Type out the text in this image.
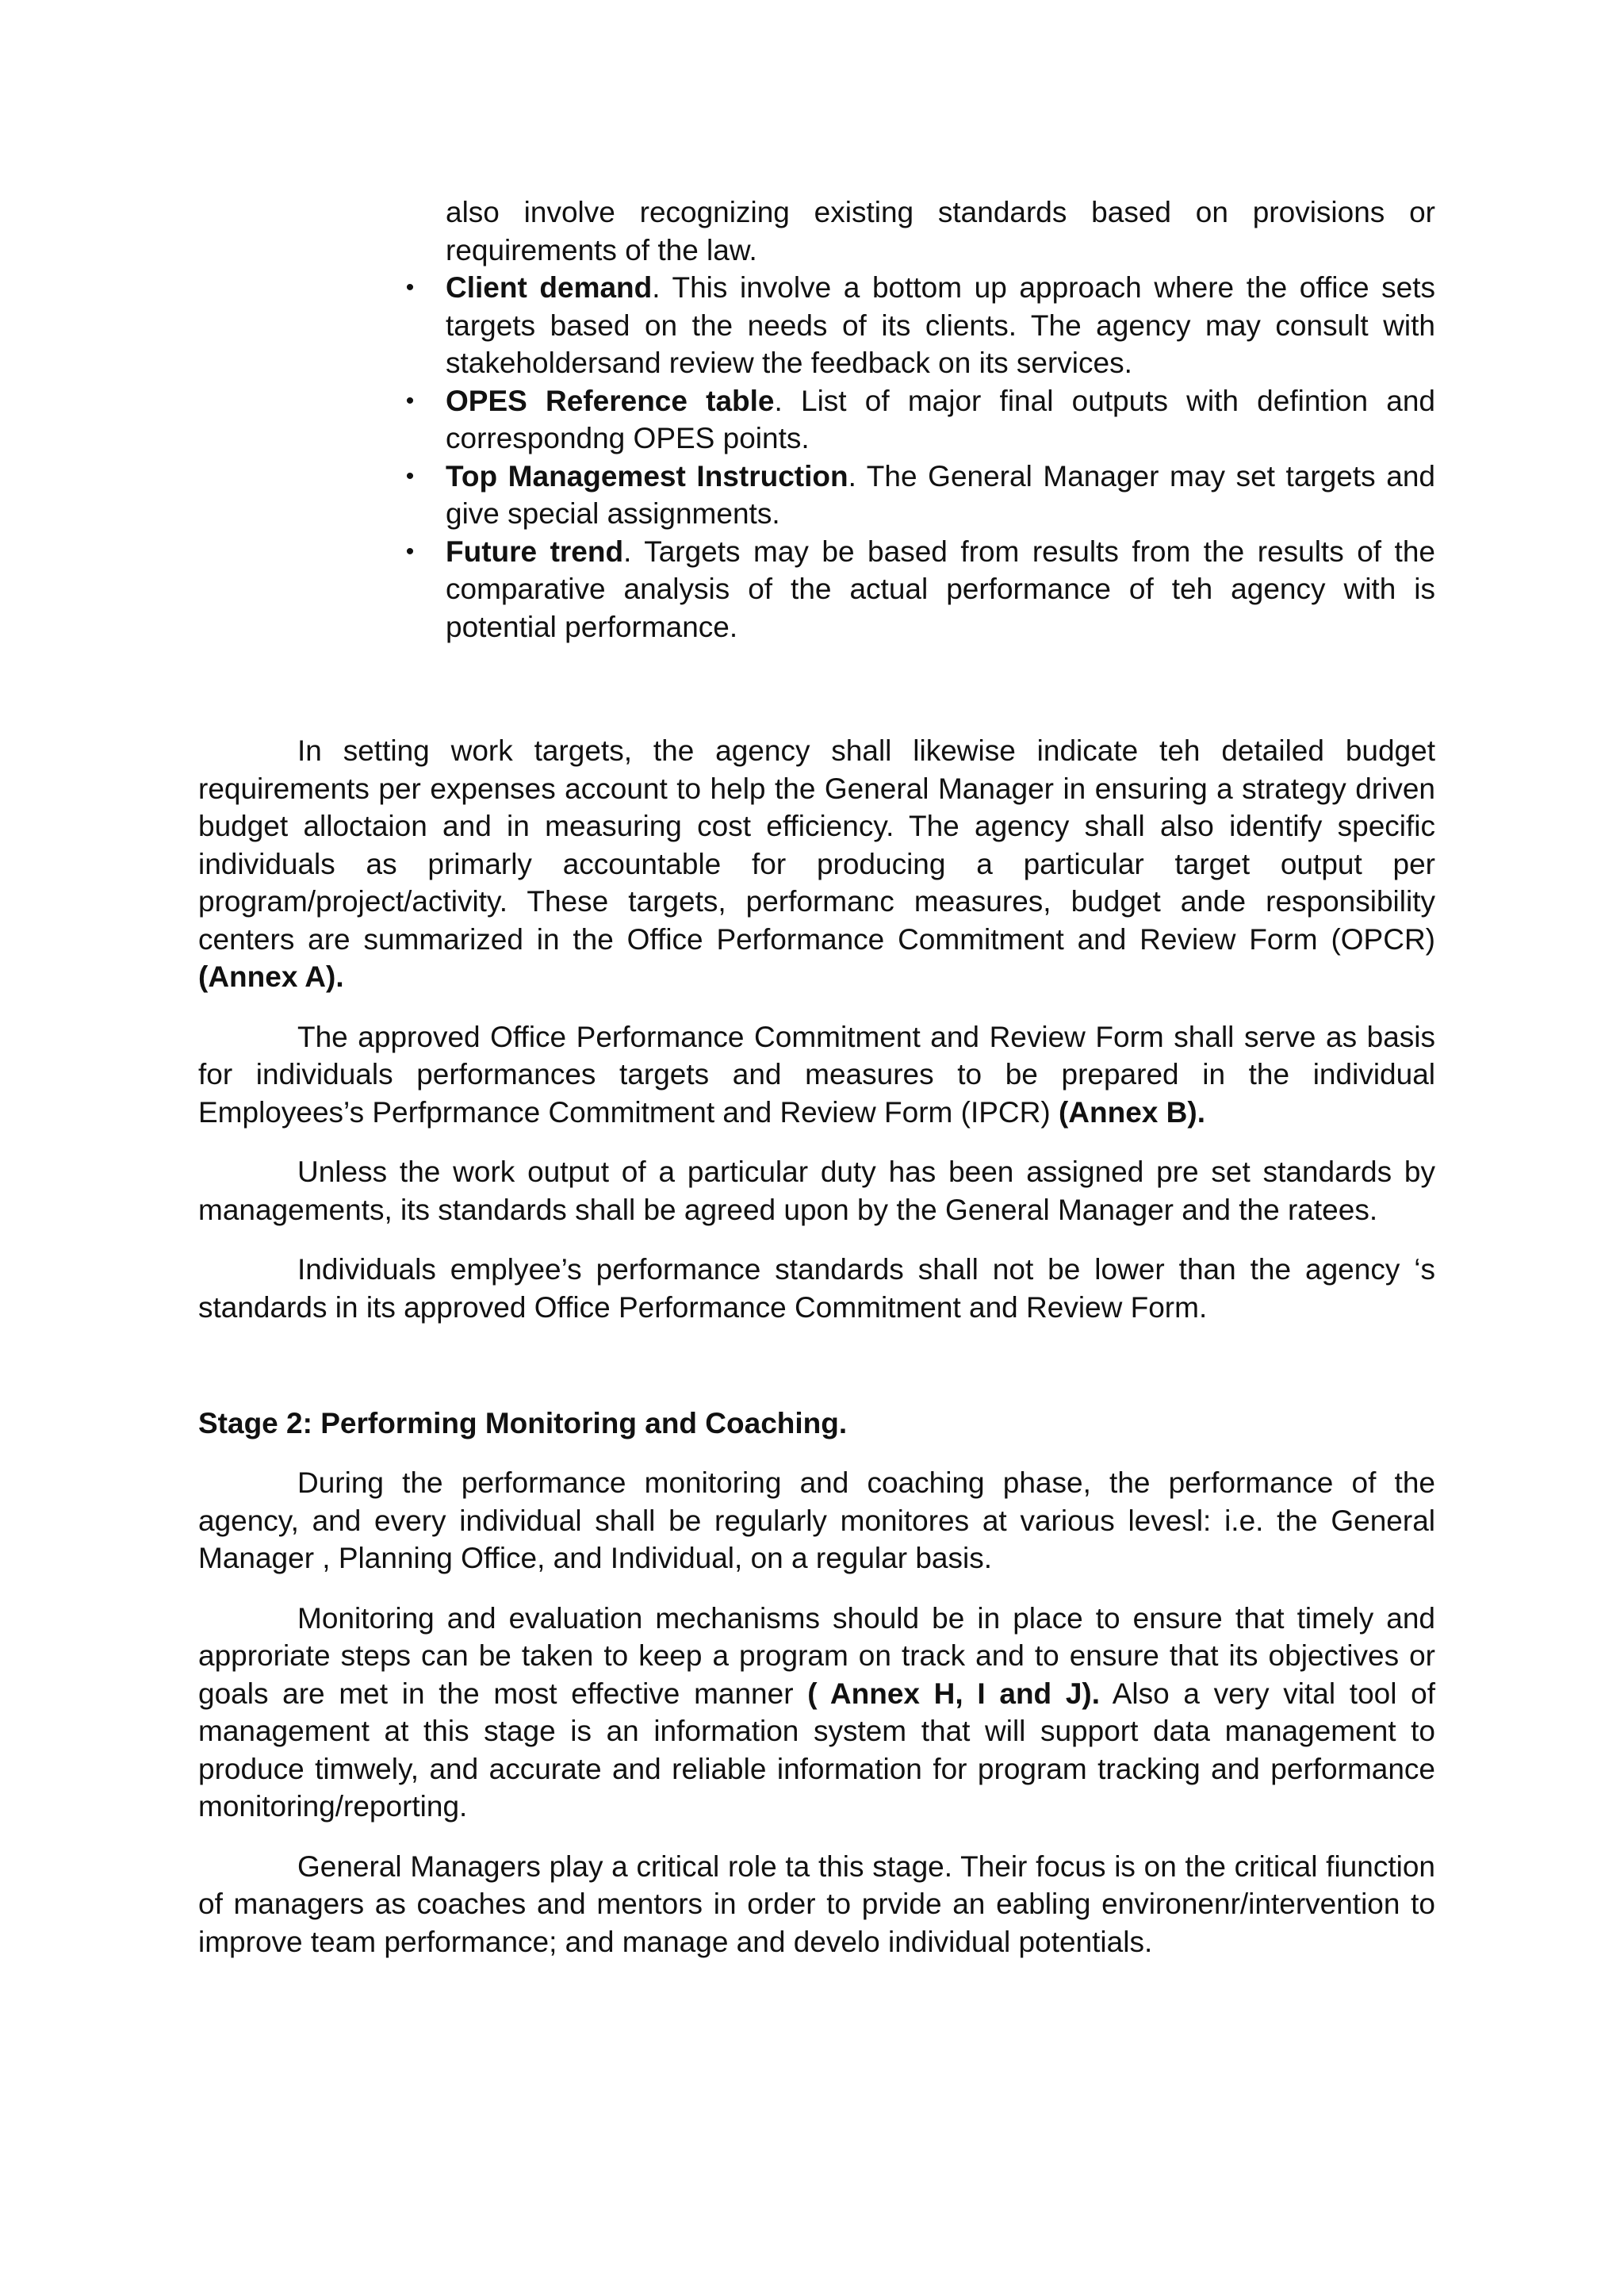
also involve recognizing existing standards based on provisions or requirements of the law.
• Client demand. This involve a bottom up approach where the office sets targets based on the needs of its clients. The agency may consult with stakeholdersand review the feedback on its services.
• OPES Reference table. List of major final outputs with defintion and correspondng OPES points.
• Top Managemest Instruction. The General Manager may set targets and give special assignments.
• Future trend. Targets may be based from results from the results of the comparative analysis of the actual performance of teh agency with is potential performance.

In setting work targets, the agency shall likewise indicate teh detailed budget requirements per expenses account to help the General Manager in ensuring a strategy driven budget alloctaion and in measuring cost efficiency. The agency shall also identify specific individuals as primarly accountable for producing a particular target output per program/project/activity. These targets, performanc measures, budget ande responsibility centers are summarized in the Office Performance Commitment and Review Form (OPCR) (Annex A).

The approved Office Performance Commitment and Review Form shall serve as basis for individuals performances targets and measures to be prepared in the individual Employees’s Perfprmance Commitment and Review Form (IPCR) (Annex B).

Unless the work output of a particular duty has been assigned pre set standards by managements, its standards shall be agreed upon by the General Manager and the ratees.

Individuals emplyee’s performance standards shall not be lower than the agency ‘s standards in its approved Office Performance Commitment and Review Form.

Stage 2: Performing Monitoring and Coaching.

During the performance monitoring and coaching phase, the performance of the agency, and every individual shall be regularly monitores at various levesl: i.e. the General Manager , Planning Office, and Individual, on a regular basis.

Monitoring and evaluation mechanisms should be in place to ensure that timely and approriate steps can be taken to keep a program on track and to ensure that its objectives or goals are met in the most effective manner ( Annex H, I and J). Also a very vital tool of management at this stage is an information system that will support data management to produce timwely, and accurate and reliable information for program tracking and performance monitoring/reporting.

General Managers play a critical role ta this stage. Their focus is on the critical fiunction of managers as coaches and mentors in order to prvide an eabling environenr/intervention to improve team performance; and manage and develo individual potentials.
